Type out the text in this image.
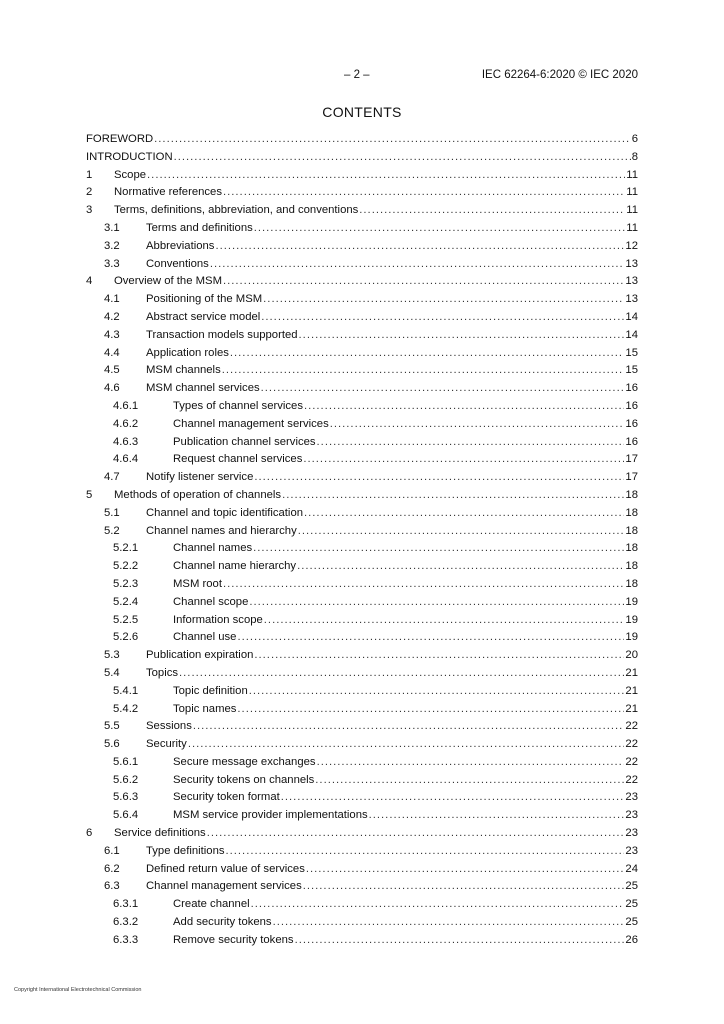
– 2 –	IEC 62264-6:2020 © IEC 2020
CONTENTS
FOREWORD .....	6
INTRODUCTION .....	8
1	Scope .....	11
2	Normative references .....	11
3	Terms, definitions, abbreviation, and conventions .....	11
3.1	Terms and definitions .....	11
3.2	Abbreviations .....	12
3.3	Conventions .....	13
4	Overview of the MSM .....	13
4.1	Positioning of the MSM .....	13
4.2	Abstract service model .....	14
4.3	Transaction models supported .....	14
4.4	Application roles .....	15
4.5	MSM channels .....	15
4.6	MSM channel services .....	16
4.6.1	Types of channel services .....	16
4.6.2	Channel management services .....	16
4.6.3	Publication channel services .....	16
4.6.4	Request channel services .....	17
4.7	Notify listener service .....	17
5	Methods of operation of channels .....	18
5.1	Channel and topic identification .....	18
5.2	Channel names and hierarchy .....	18
5.2.1	Channel names .....	18
5.2.2	Channel name hierarchy .....	18
5.2.3	MSM root .....	18
5.2.4	Channel scope .....	19
5.2.5	Information scope .....	19
5.2.6	Channel use .....	19
5.3	Publication expiration .....	20
5.4	Topics .....	21
5.4.1	Topic definition .....	21
5.4.2	Topic names .....	21
5.5	Sessions .....	22
5.6	Security .....	22
5.6.1	Secure message exchanges .....	22
5.6.2	Security tokens on channels .....	22
5.6.3	Security token format .....	23
5.6.4	MSM service provider implementations .....	23
6	Service definitions .....	23
6.1	Type definitions .....	23
6.2	Defined return value of services .....	24
6.3	Channel management services .....	25
6.3.1	Create channel .....	25
6.3.2	Add security tokens .....	25
6.3.3	Remove security tokens .....	26
Copyright International Electrotechnical Commission
